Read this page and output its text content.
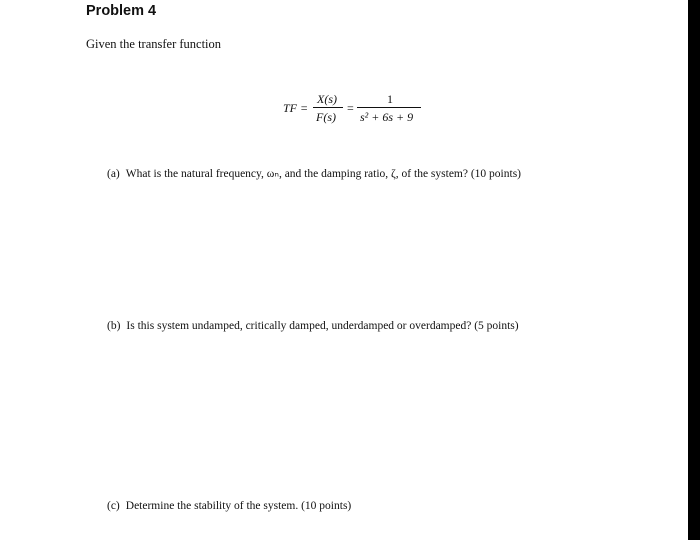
Problem 4
Given the transfer function
TF =
X(s)
F(s)
=
1
s² + 6s + 9
(a) What is the natural frequency, ωₙ, and the damping ratio, ζ, of the system? (10 points)
(b) Is this system undamped, critically damped, underdamped or overdamped? (5 points)
(c) Determine the stability of the system. (10 points)
